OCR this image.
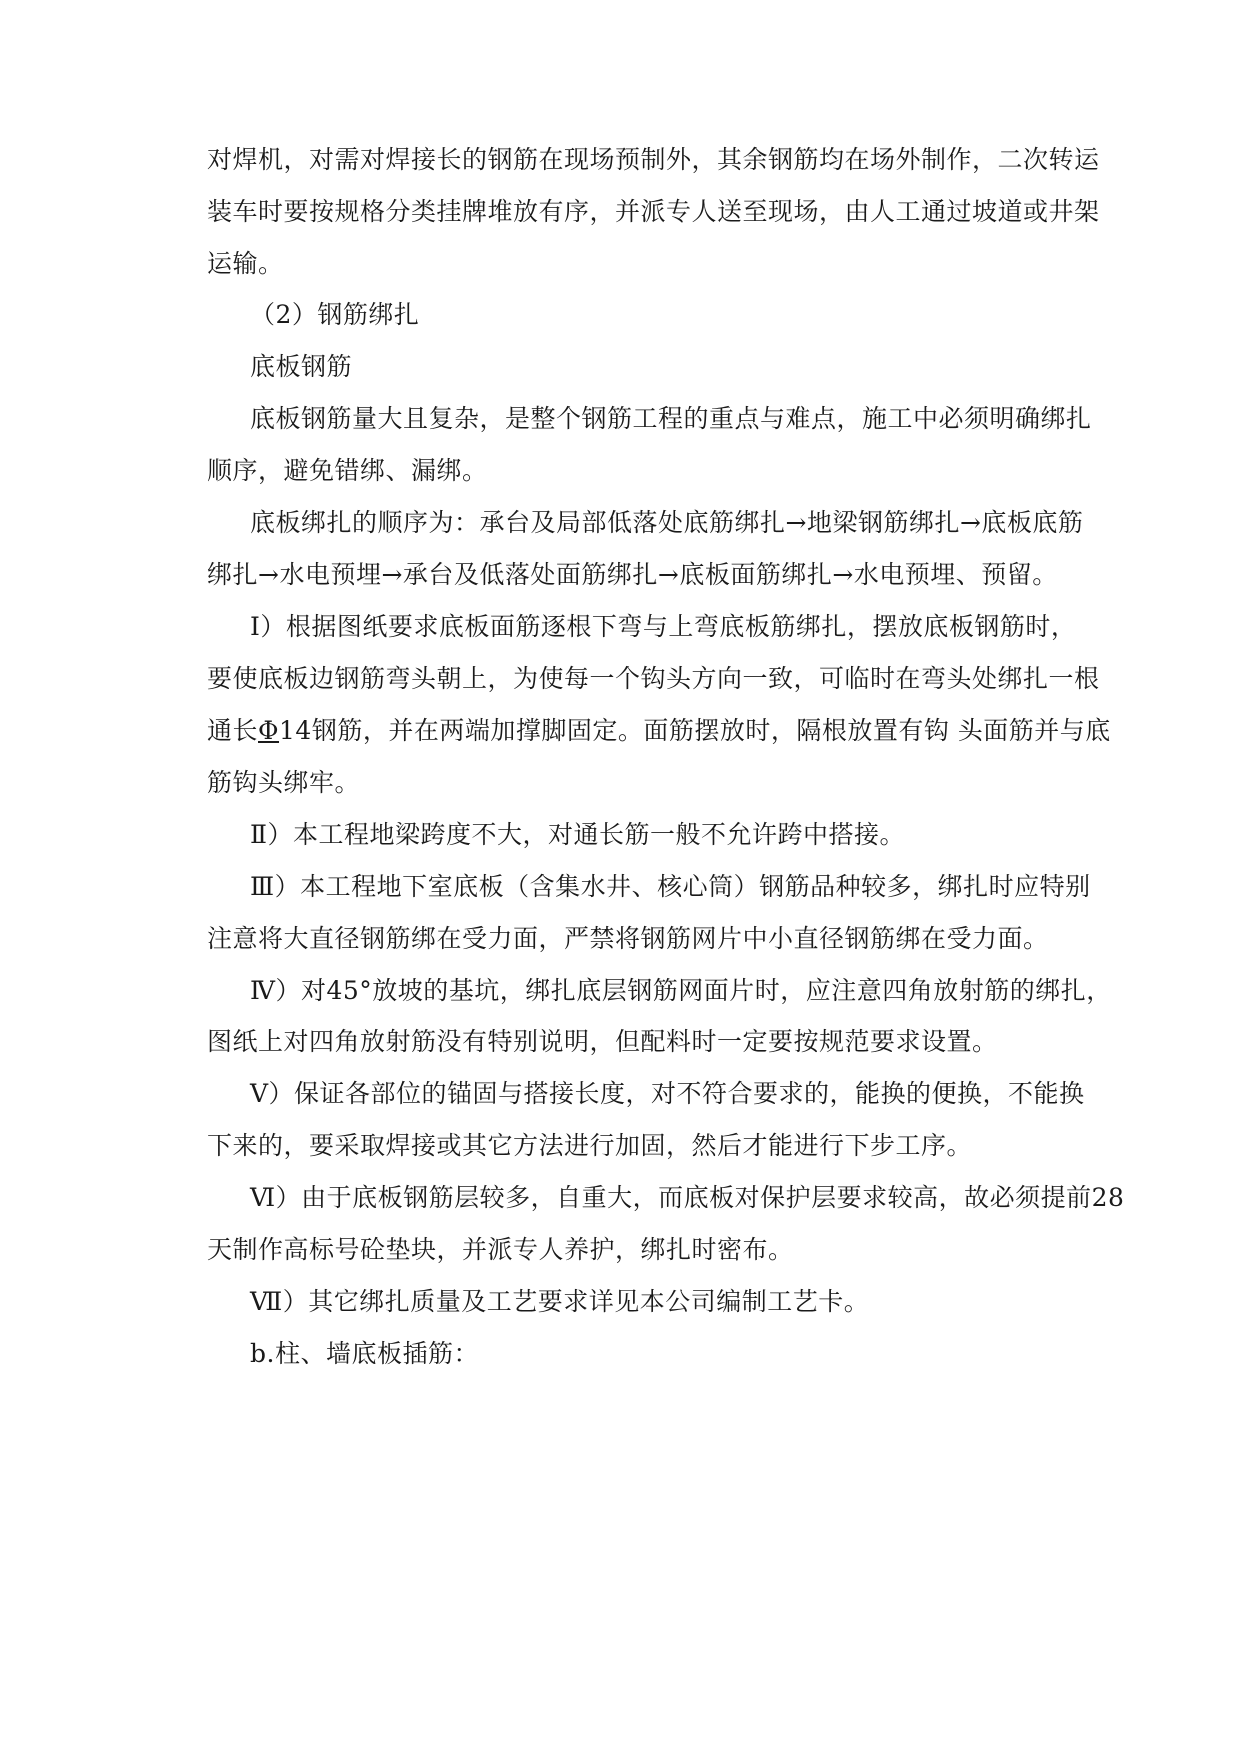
对焊机，对需对焊接长的钢筋在现场预制外，其余钢筋均在场外制作，二次转运
装车时要按规格分类挂牌堆放有序，并派专人送至现场，由人工通过坡道或井架
运输。
（2）钢筋绑扎
底板钢筋
底板钢筋量大且复杂，是整个钢筋工程的重点与难点，施工中必须明确绑扎
顺序，避免错绑、漏绑。
底板绑扎的顺序为：承台及局部低落处底筋绑扎→地梁钢筋绑扎→底板底筋
绑扎→水电预埋→承台及低落处面筋绑扎→底板面筋绑扎→水电预埋、预留。
Ⅰ）根据图纸要求底板面筋逐根下弯与上弯底板筋绑扎，摆放底板钢筋时，
要使底板边钢筋弯头朝上，为使每一个钩头方向一致，可临时在弯头处绑扎一根
通长Φ14钢筋，并在两端加撑脚固定。面筋摆放时，隔根放置有钩 头面筋并与底
筋钩头绑牢。
Ⅱ）本工程地梁跨度不大，对通长筋一般不允许跨中搭接。
Ⅲ）本工程地下室底板（含集水井、核心筒）钢筋品种较多，绑扎时应特别
注意将大直径钢筋绑在受力面，严禁将钢筋网片中小直径钢筋绑在受力面。
Ⅳ）对45°放坡的基坑，绑扎底层钢筋网面片时，应注意四角放射筋的绑扎，
图纸上对四角放射筋没有特别说明，但配料时一定要按规范要求设置。
Ⅴ）保证各部位的锚固与搭接长度，对不符合要求的，能换的便换，不能换
下来的，要采取焊接或其它方法进行加固，然后才能进行下步工序。
Ⅵ）由于底板钢筋层较多，自重大，而底板对保护层要求较高，故必须提前28
天制作高标号砼垫块，并派专人养护，绑扎时密布。
Ⅶ）其它绑扎质量及工艺要求详见本公司编制工艺卡。
b.柱、墙底板插筋：
